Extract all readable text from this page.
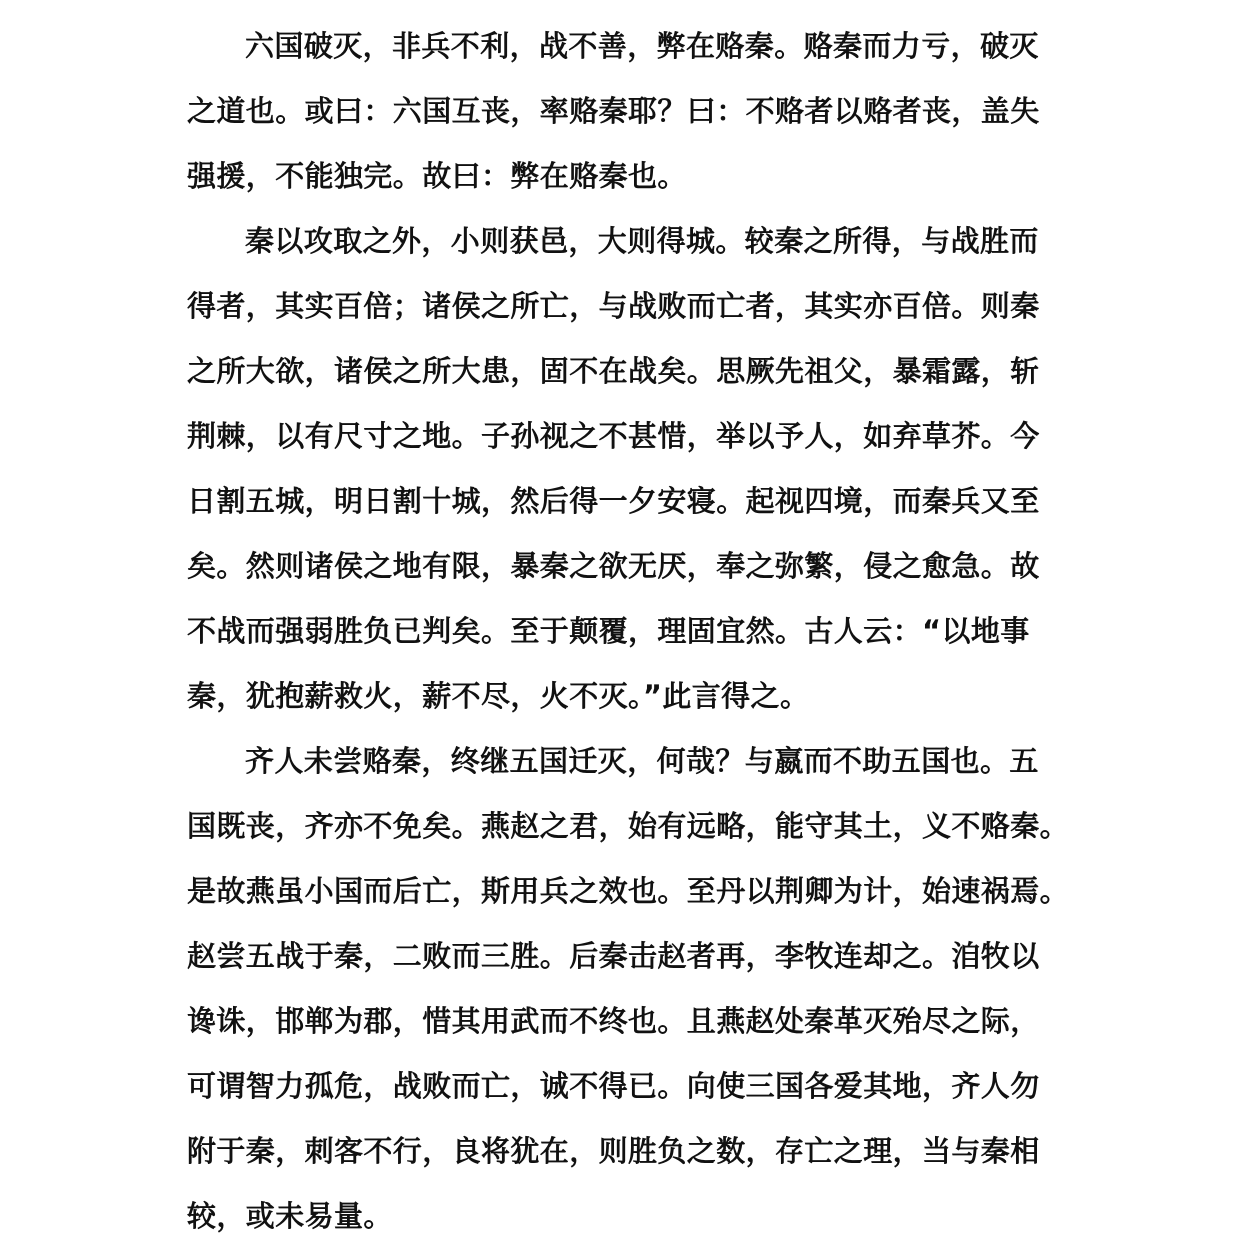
六国破灭，非兵不利，战不善，弊在赂秦。赂秦而力亏，破灭
之道也。或曰：六国互丧，率赂秦耶？曰：不赂者以赂者丧，盖失
强援，不能独完。故曰：弊在赂秦也。
秦以攻取之外，小则获邑，大则得城。较秦之所得，与战胜而
得者，其实百倍；诸侯之所亡，与战败而亡者，其实亦百倍。则秦
之所大欲，诸侯之所大患，固不在战矣。思厥先祖父，暴霜露，斩
荆棘，以有尺寸之地。子孙视之不甚惜，举以予人，如弃草芥。今
日割五城，明日割十城，然后得一夕安寝。起视四境，而秦兵又至
矣。然则诸侯之地有限，暴秦之欲无厌，奉之弥繁，侵之愈急。故
不战而强弱胜负已判矣。至于颠覆，理固宜然。古人云：“以地事
秦，犹抱薪救火，薪不尽，火不灭。”此言得之。
齐人未尝赂秦，终继五国迁灭，何哉？与嬴而不助五国也。五
国既丧，齐亦不免矣。燕赵之君，始有远略，能守其土，义不赂秦。
是故燕虽小国而后亡，斯用兵之效也。至丹以荆卿为计，始速祸焉。
赵尝五战于秦，二败而三胜。后秦击赵者再，李牧连却之。洎牧以
谗诛，邯郸为郡，惜其用武而不终也。且燕赵处秦革灭殆尽之际，
可谓智力孤危，战败而亡，诚不得已。向使三国各爱其地，齐人勿
附于秦，刺客不行，良将犹在，则胜负之数，存亡之理，当与秦相
较，或未易量。
